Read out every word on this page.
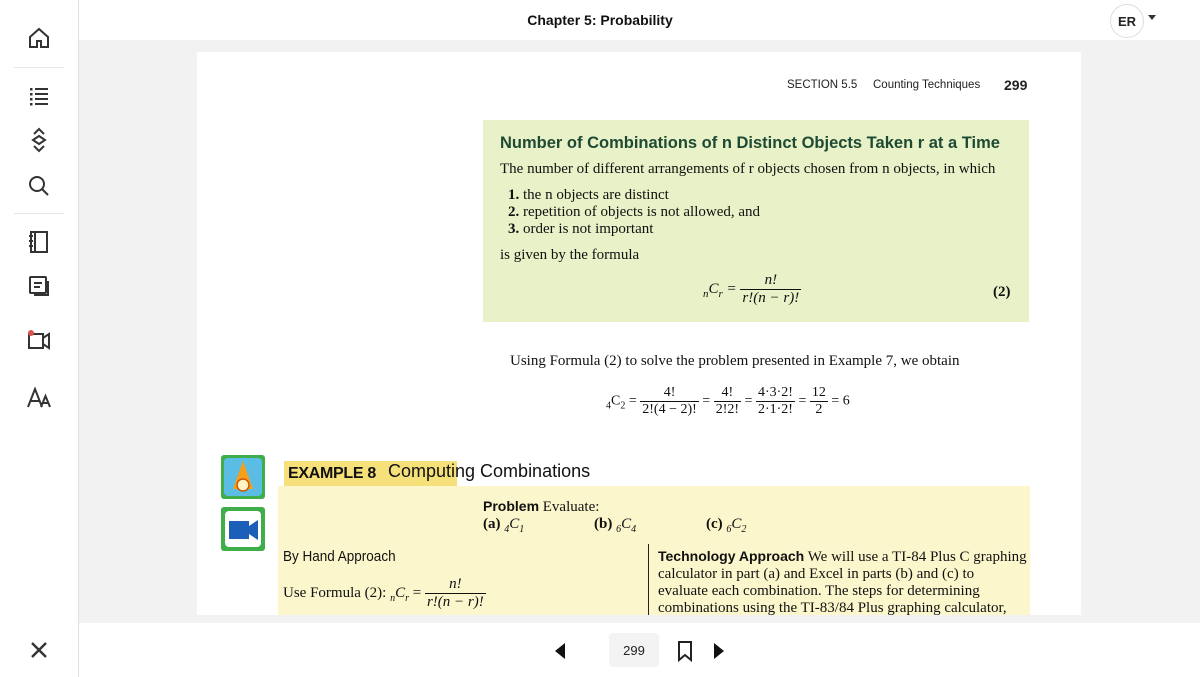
Chapter 5: Probability	ER
SECTION 5.5 Counting Techniques 299
Number of Combinations of n Distinct Objects Taken r at a Time
The number of different arrangements of r objects chosen from n objects, in which
1. the n objects are distinct
2. repetition of objects is not allowed, and
3. order is not important
is given by the formula
$_nC_r = \frac{n!}{r!(n - r)!}$	(2)
Using Formula (2) to solve the problem presented in Example 7, we obtain
$_4C_2 = \frac{4!}{2!(4 - 2)!} = \frac{4!}{2!2!} = \frac{4\cdot 3\cdot 2!}{2\cdot 1\cdot 2!} = \frac{12}{2} = 6$
EXAMPLE 8 Computing Combinations
Problem Evaluate:
(a) $_4C_1$	(b) $_6C_4$	(c) $_6C_2$
By Hand Approach
Use Formula (2): $_nC_r = \frac{n!}{r!(n - r)!}$
Technology Approach We will use a TI-84 Plus C graphing
calculator in part (a) and Excel in parts (b) and (c) to
evaluate each combination. The steps for determining
combinations using the TI-83/84 Plus graphing calculator,
299
